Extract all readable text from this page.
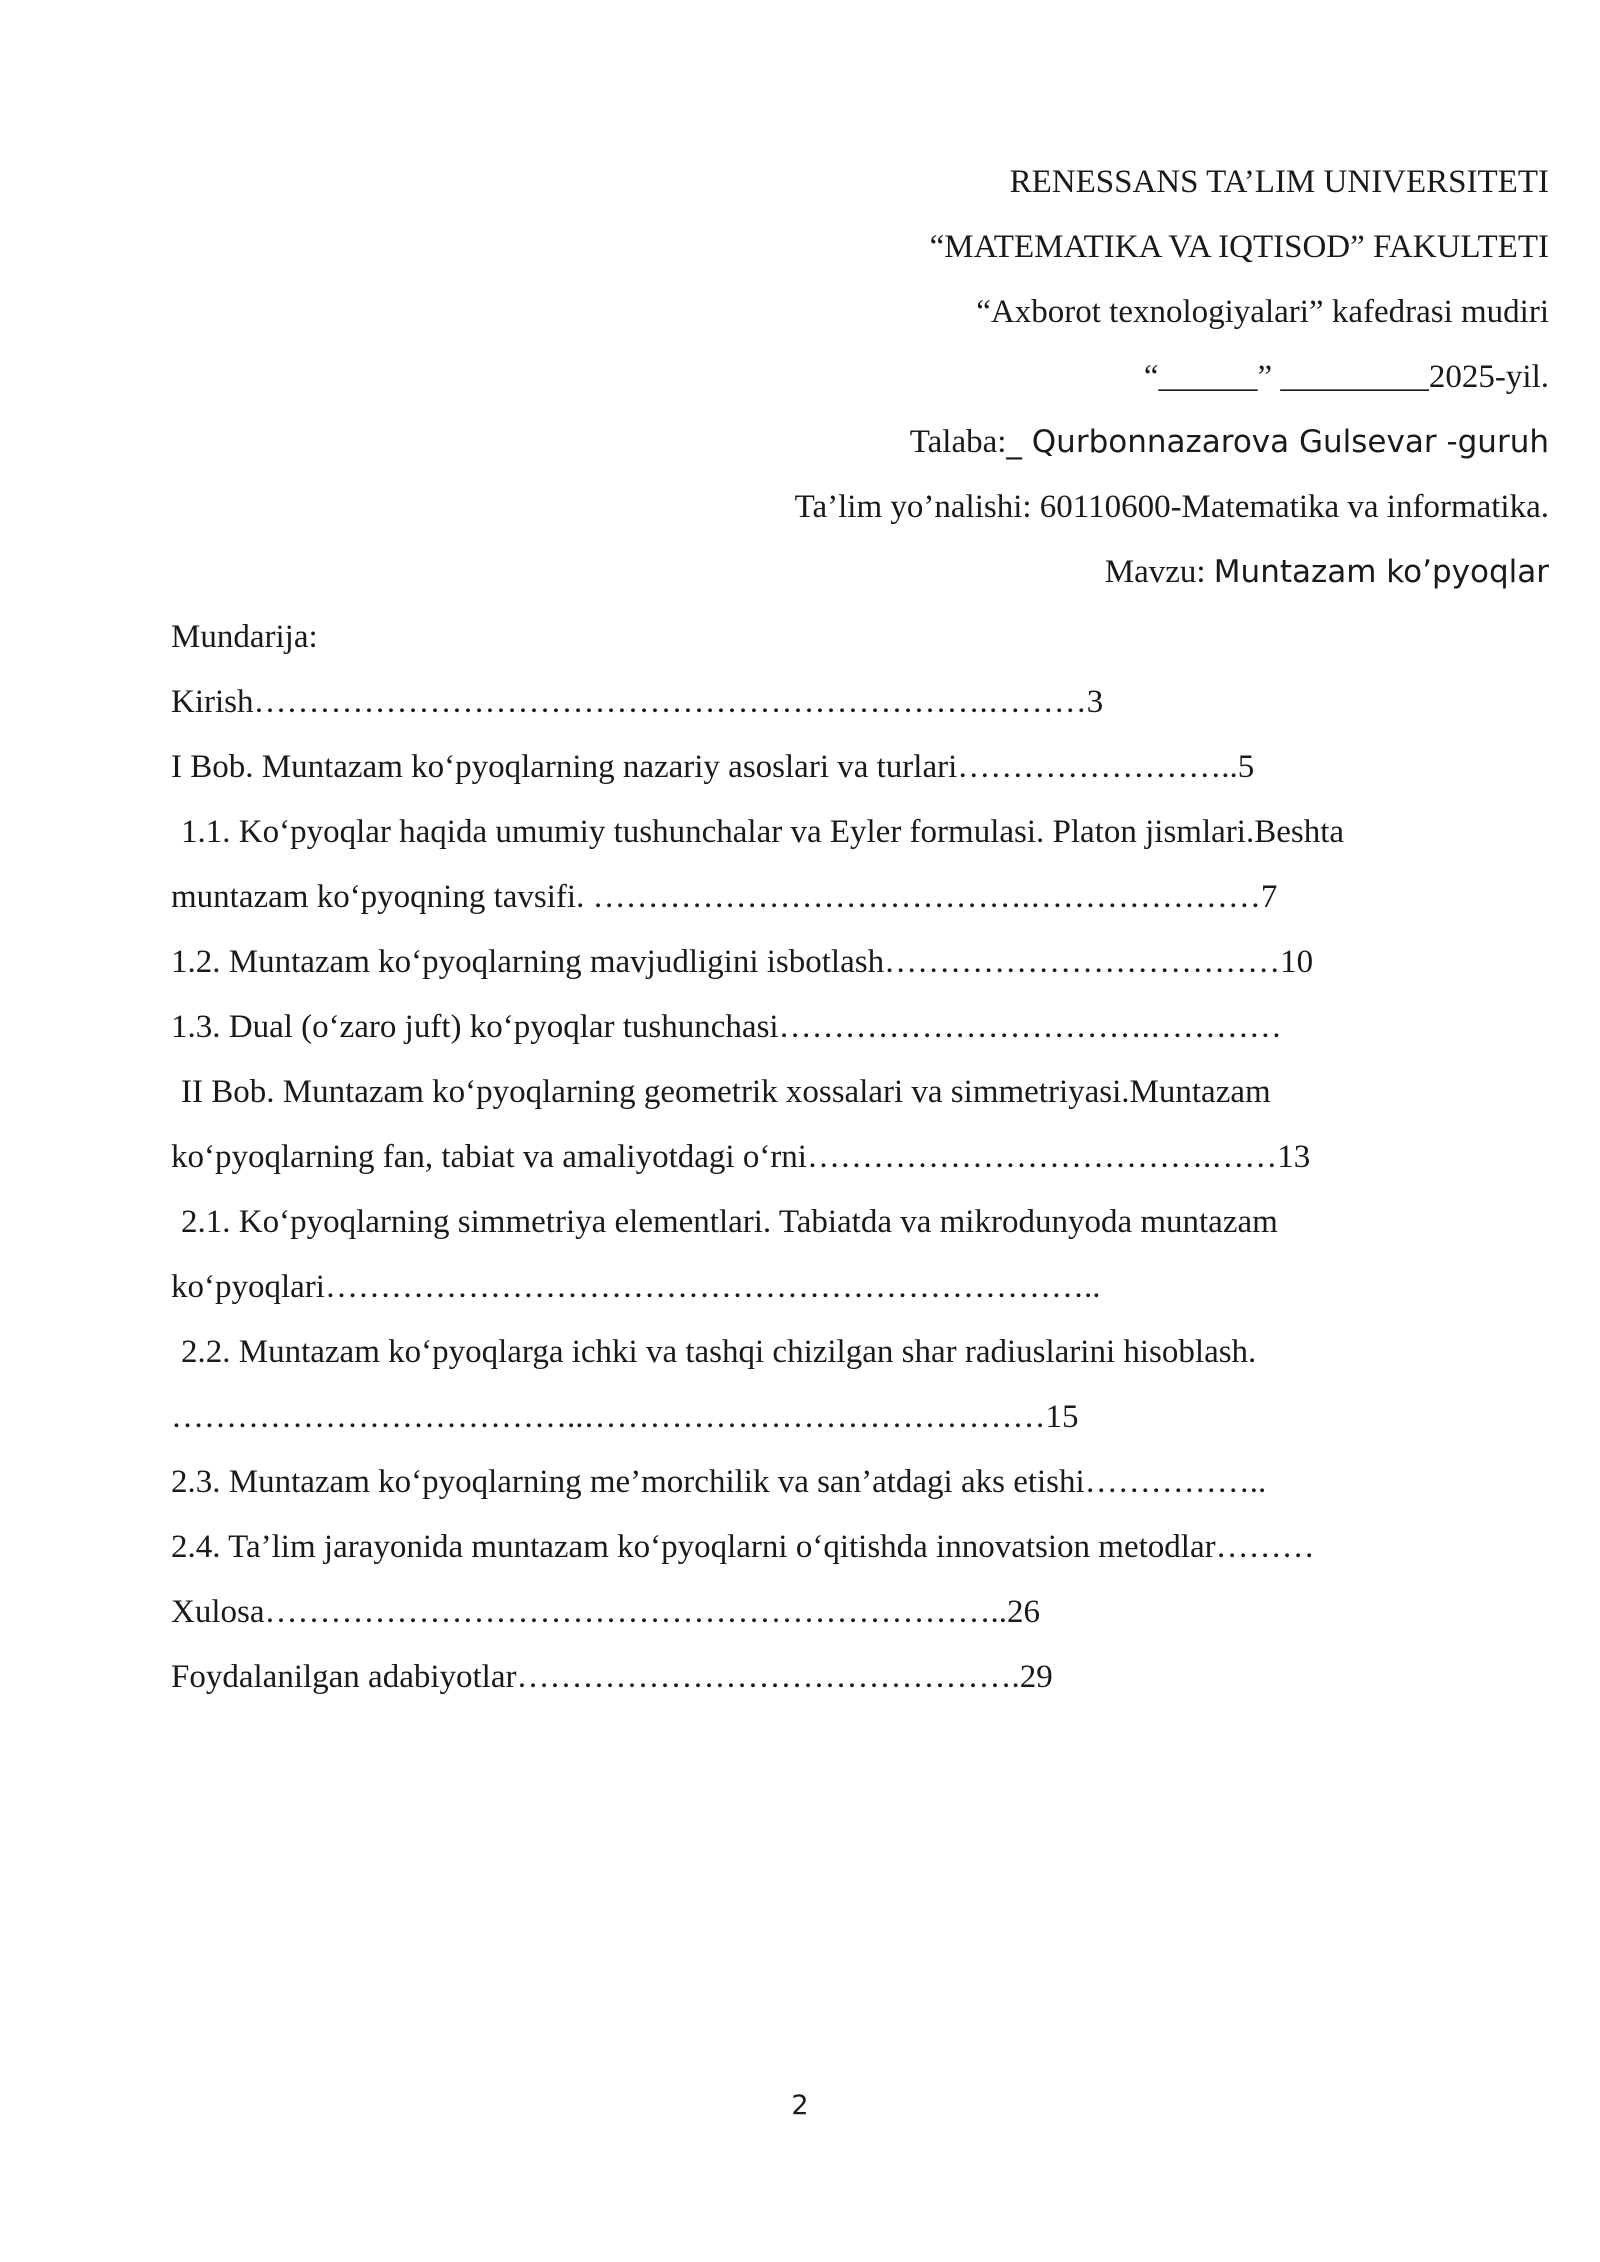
RENESSANS TA’LIM UNIVERSITETI
“MATEMATIKA VA IQTISOD” FAKULTETI
“Axborot texnologiyalari” kafedrasi mudiri
“______” _________2025-yil.
Talaba:_ Qurbonnazarova Gulsevar -guruh
Ta’lim yo’nalishi: 60110600-Matematika va informatika.
Mavzu: Muntazam ko’pyoqlar
Mundarija:
Kirish………………………………………………………….………3
I Bob. Muntazam ko‘pyoqlarning nazariy asoslari va turlari……………………..5
1.1. Ko‘pyoqlar haqida umumiy tushunchalar va Eyler formulasi. Platon jismlari.Beshta
muntazam ko‘pyoqning tavsifi. ………………………………….…………………7
1.2. Muntazam ko‘pyoqlarning mavjudligini isbotlash………………………………10
1.3. Dual (o‘zaro juft) ko‘pyoqlar tushunchasi…………………………….…………
II Bob. Muntazam ko‘pyoqlarning geometrik xossalari va simmetriyasi.Muntazam
ko‘pyoqlarning fan, tabiat va amaliyotdagi o‘rni……………………………….……13
2.1. Ko‘pyoqlarning simmetriya elementlari. Tabiatda va mikrodunyoda muntazam
ko‘pyoqlari……………………………………………………………..
2.2. Muntazam ko‘pyoqlarga ichki va tashqi chizilgan shar radiuslarini hisoblash.
………………………………..……………………………………15
2.3. Muntazam ko‘pyoqlarning me’morchilik va san’atdagi aks etishi……………..
2.4. Ta’lim jarayonida muntazam ko‘pyoqlarni o‘qitishda innovatsion metodlar………
Xulosa…………………………………………………………..26
Foydalanilgan adabiyotlar……………………………………….29
2
